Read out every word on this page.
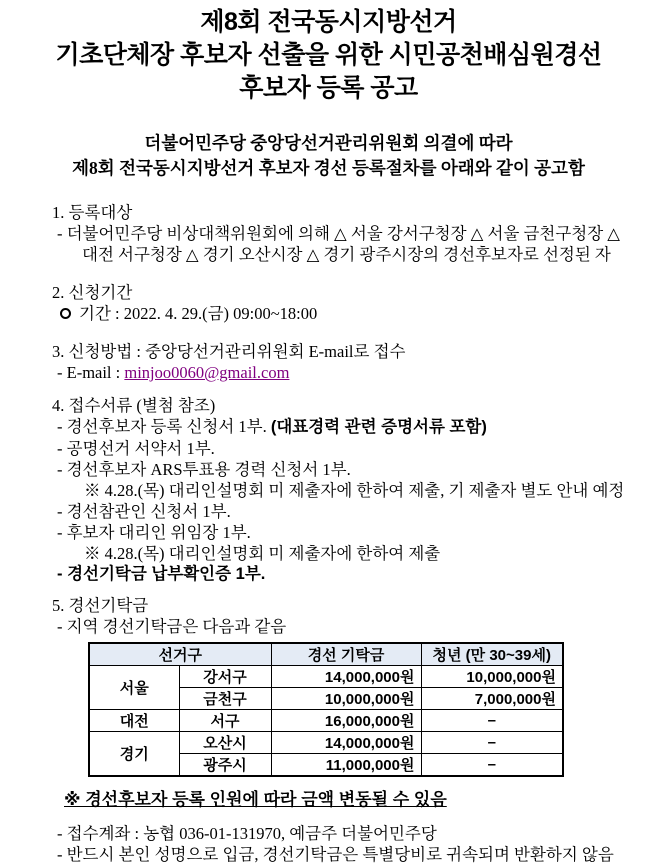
제8회 전국동시지방선거
기초단체장 후보자 선출을 위한 시민공천배심원경선
후보자 등록 공고
더불어민주당 중앙당선거관리위원회 의결에 따라
제8회 전국동시지방선거 후보자 경선 등록절차를 아래와 같이 공고함
1. 등록대상
- 더불어민주당 비상대책위원회에 의해 △ 서울 강서구청장 △ 서울 금천구청장 △
대전 서구청장 △ 경기 오산시장 △ 경기 광주시장의 경선후보자로 선정된 자
2. 신청기간
기간 : 2022. 4. 29.(금) 09:00~18:00
3. 신청방법 : 중앙당선거관리위원회 E-mail로 접수
- E-mail : minjoo0060@gmail.com
4. 접수서류 (별첨 참조)
- 경선후보자 등록 신청서 1부. (대표경력 관련 증명서류 포함)
- 공명선거 서약서 1부.
- 경선후보자 ARS투표용 경력 신청서 1부.
※ 4.28.(목) 대리인설명회 미 제출자에 한하여 제출, 기 제출자 별도 안내 예정
- 경선참관인 신청서 1부.
- 후보자 대리인 위임장 1부.
※ 4.28.(목) 대리인설명회 미 제출자에 한하여 제출
- 경선기탁금 납부확인증 1부.
5. 경선기탁금
- 지역 경선기탁금은 다음과 같음
선거구		경선 기탁금	청년 (만 30~39세)
서울	강서구	14,000,000원	10,000,000원
	금천구	10,000,000원	7,000,000원
대전	서구	16,000,000원	–
경기	오산시	14,000,000원	–
	광주시	11,000,000원	–
※ 경선후보자 등록 인원에 따라 금액 변동될 수 있음
- 접수계좌 : 농협 036-01-131970, 예금주 더불어민주당
- 반드시 본인 성명으로 입금, 경선기탁금은 특별당비로 귀속되며 반환하지 않음
